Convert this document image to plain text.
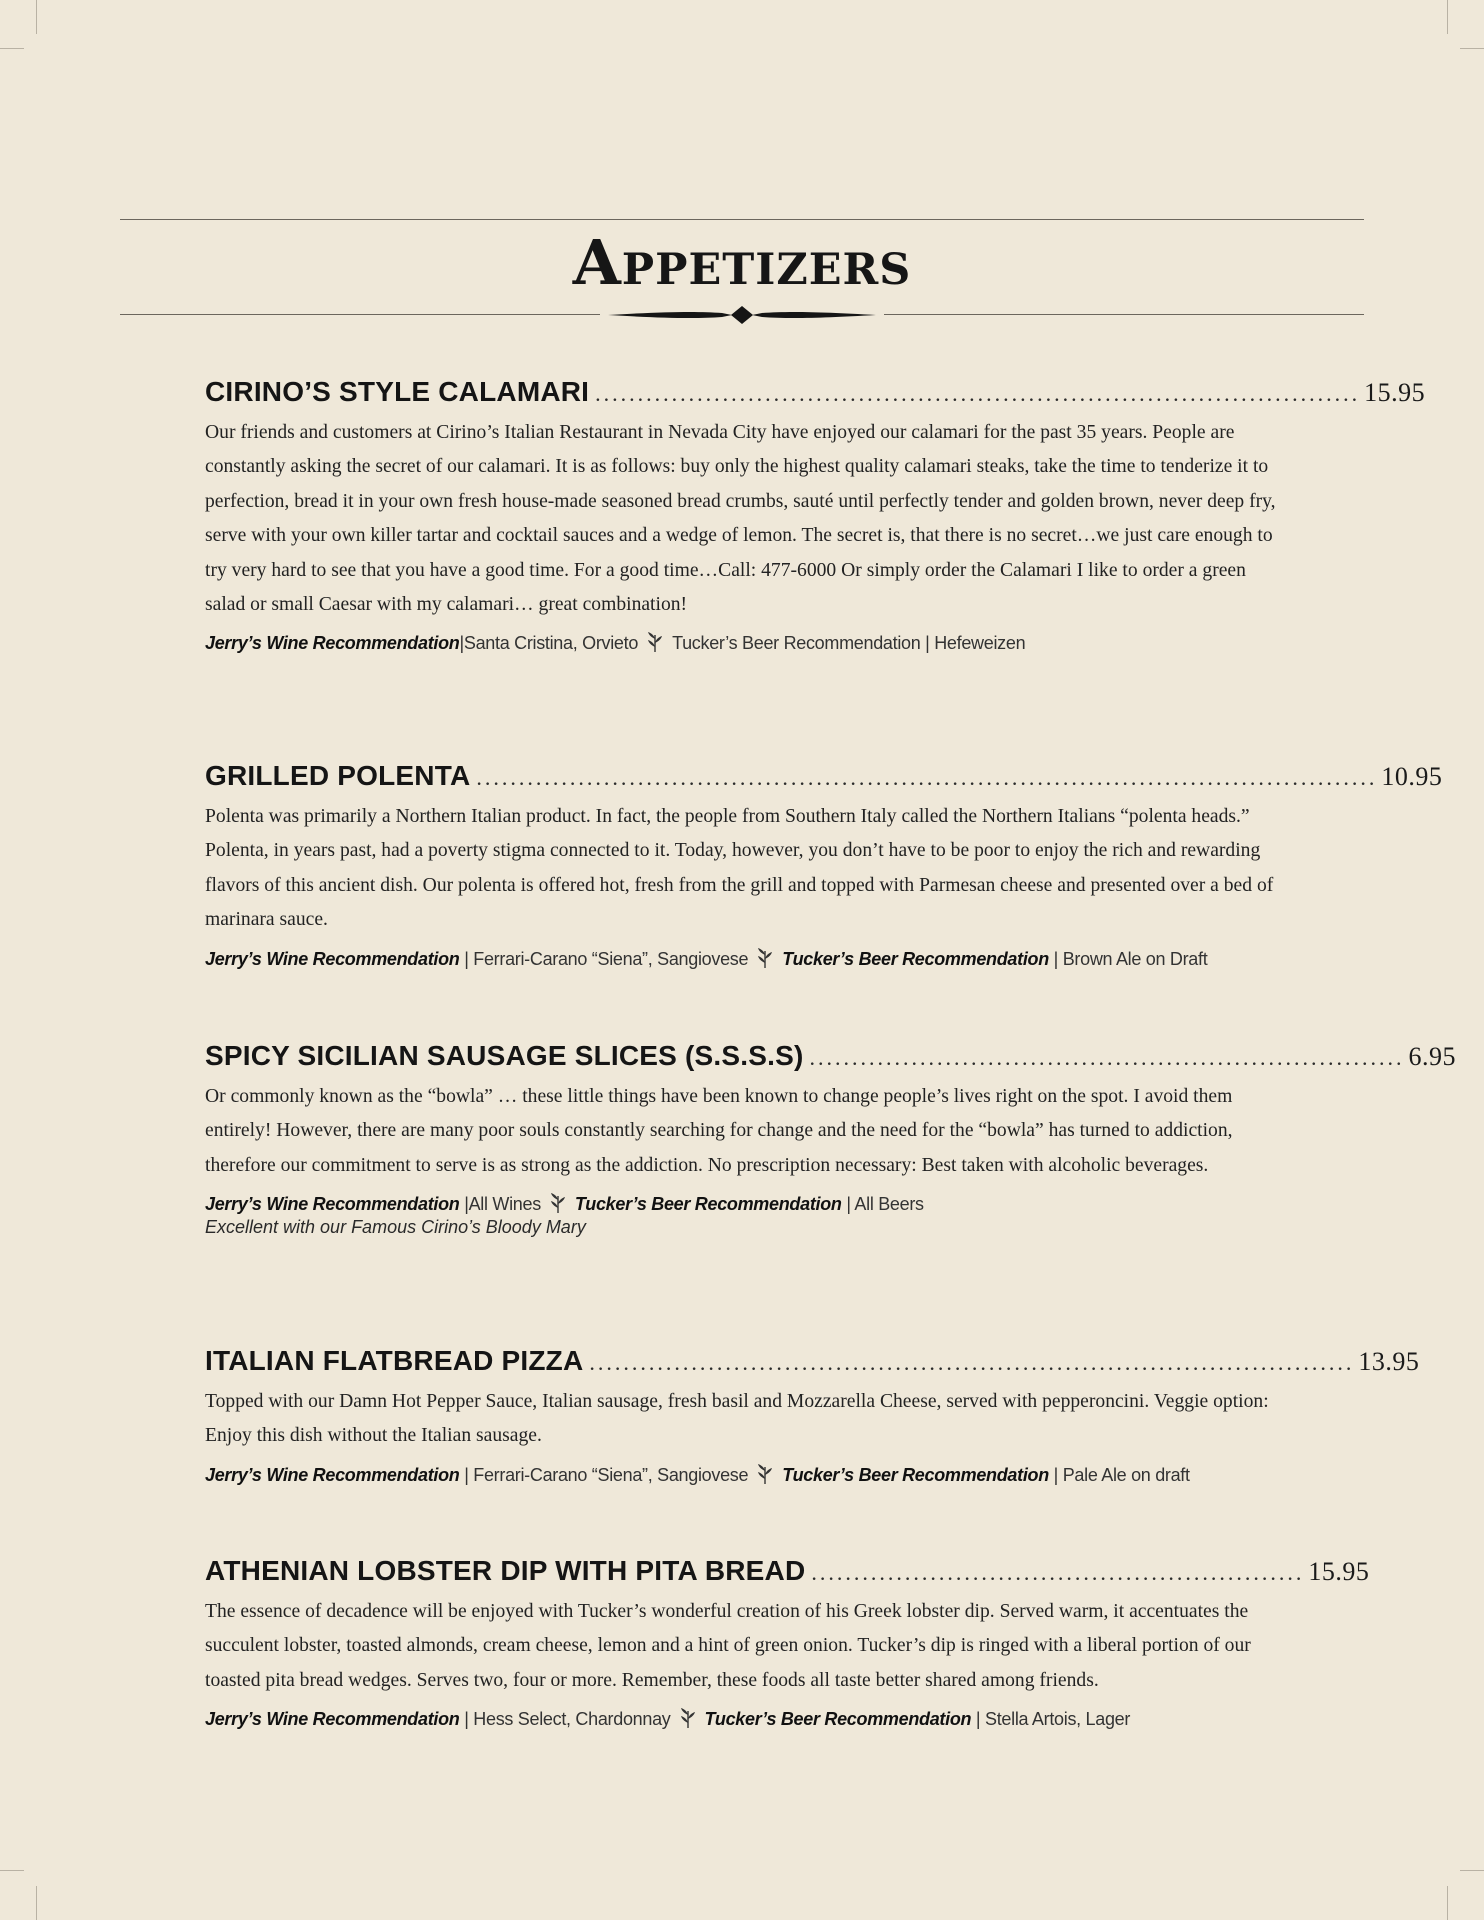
Appetizers
CIRINO’S STYLE CALAMARI .......................................................................................... 15.95
Our friends and customers at Cirino’s Italian Restaurant in Nevada City have enjoyed our calamari for the past 35 years. People are constantly asking the secret of our calamari. It is as follows: buy only the highest quality calamari steaks, take the time to tenderize it to perfection, bread it in your own fresh house-made seasoned bread crumbs, sauté until perfectly tender and golden brown, never deep fry, serve with your own killer tartar and cocktail sauces and a wedge of lemon. The secret is, that there is no secret…we just care enough to try very hard to see that you have a good time. For a good time…Call: 477-6000 Or simply order the Calamari I like to order a green salad or small Caesar with my calamari… great combination!
Jerry’s Wine Recommendation|Santa Cristina, Orvieto Tucker’s Beer Recommendation | Hefeweizen
GRILLED POLENTA .......................................................................................................... 10.95
Polenta was primarily a Northern Italian product. In fact, the people from Southern Italy called the Northern Italians “polenta heads.” Polenta, in years past, had a poverty stigma connected to it. Today, however, you don’t have to be poor to enjoy the rich and rewarding flavors of this ancient dish. Our polenta is offered hot, fresh from the grill and topped with Parmesan cheese and presented over a bed of marinara sauce.
Jerry’s Wine Recommendation | Ferrari-Carano “Siena”, Sangiovese Tucker’s Beer Recommendation | Brown Ale on Draft
SPICY SICILIAN SAUSAGE SLICES (S.S.S.S) ...................................................................... 6.95
Or commonly known as the “bowla” … these little things have been known to change people’s lives right on the spot. I avoid them entirely! However, there are many poor souls constantly searching for change and the need for the “bowla” has turned to addiction, therefore our commitment to serve is as strong as the addiction. No prescription necessary: Best taken with alcoholic beverages.
Jerry’s Wine Recommendation |All Wines Tucker’s Beer Recommendation | All Beers
Excellent with our Famous Cirino’s Bloody Mary
ITALIAN FLATBREAD PIZZA .......................................................................................... 13.95
Topped with our Damn Hot Pepper Sauce, Italian sausage, fresh basil and Mozzarella Cheese, served with pepperoncini. Veggie option: Enjoy this dish without the Italian sausage.
Jerry’s Wine Recommendation | Ferrari-Carano “Siena”, Sangiovese Tucker’s Beer Recommendation | Pale Ale on draft
ATHENIAN LOBSTER DIP WITH PITA BREAD .......................................................... 15.95
The essence of decadence will be enjoyed with Tucker’s wonderful creation of his Greek lobster dip. Served warm, it accentuates the succulent lobster, toasted almonds, cream cheese, lemon and a hint of green onion. Tucker’s dip is ringed with a liberal portion of our toasted pita bread wedges. Serves two, four or more. Remember, these foods all taste better shared among friends.
Jerry’s Wine Recommendation | Hess Select, Chardonnay Tucker’s Beer Recommendation | Stella Artois, Lager
